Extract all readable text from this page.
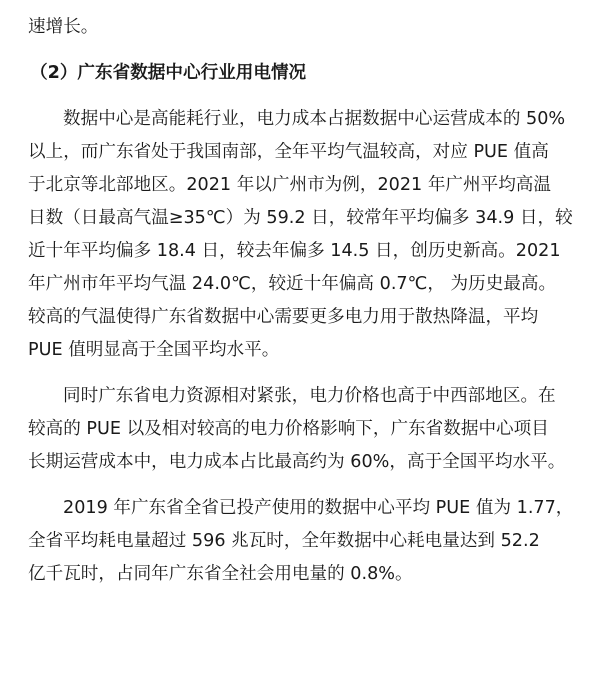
速增长。
（2）广东省数据中心行业用电情况
数据中心是高能耗行业，电力成本占据数据中心运营成本的 50%
以上，而广东省处于我国南部，全年平均气温较高，对应 PUE 值高
于北京等北部地区。2021 年以广州市为例，2021 年广州平均高温
日数（日最高气温≥35℃）为 59.2 日，较常年平均偏多 34.9 日，较
近十年平均偏多 18.4 日，较去年偏多 14.5 日，创历史新高。2021
年广州市年平均气温 24.0℃，较近十年偏高 0.7℃， 为历史最高。
较高的气温使得广东省数据中心需要更多电力用于散热降温，平均
PUE 值明显高于全国平均水平。
同时广东省电力资源相对紧张，电力价格也高于中西部地区。在
较高的 PUE 以及相对较高的电力价格影响下，广东省数据中心项目
长期运营成本中，电力成本占比最高约为 60%，高于全国平均水平。
2019 年广东省全省已投产使用的数据中心平均 PUE 值为 1.77，
全省平均耗电量超过 596 兆瓦时，全年数据中心耗电量达到 52.2
亿千瓦时，占同年广东省全社会用电量的 0.8%。
